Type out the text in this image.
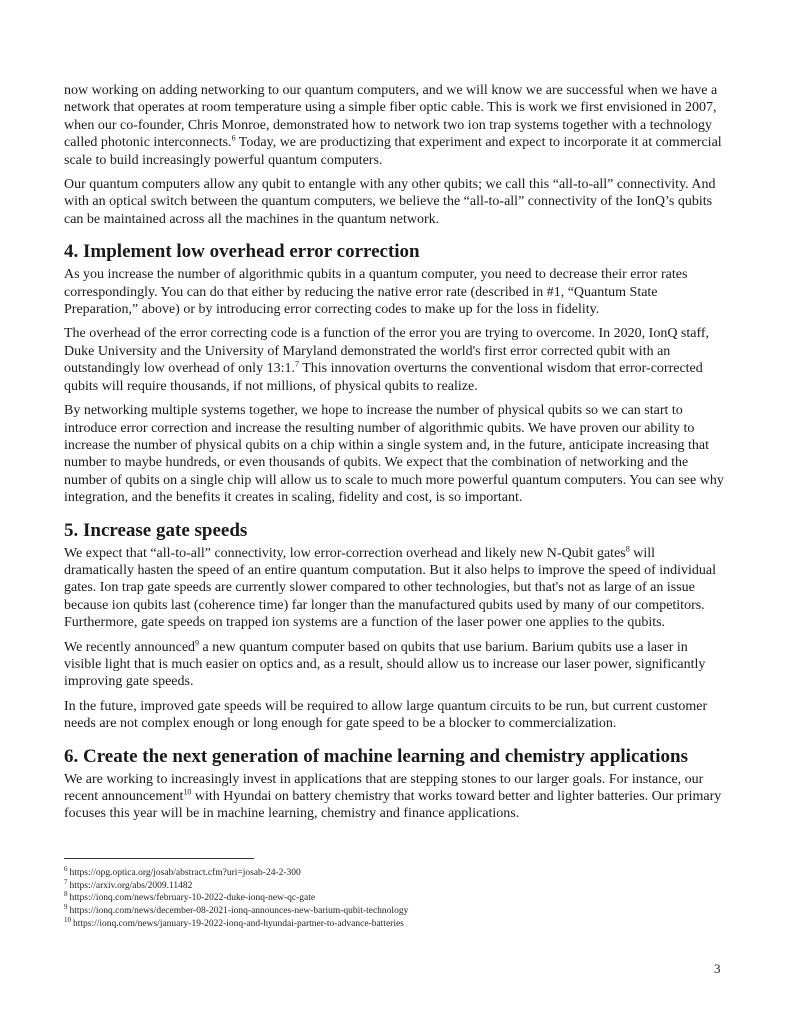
now working on adding networking to our quantum computers, and we will know we are successful when we have a network that operates at room temperature using a simple fiber optic cable. This is work we first envisioned in 2007, when our co-founder, Chris Monroe, demonstrated how to network two ion trap systems together with a technology called photonic interconnects.$^6$ Today, we are productizing that experiment and expect to incorporate it at commercial scale to build increasingly powerful quantum computers.

Our quantum computers allow any qubit to entangle with any other qubits; we call this “all-to-all” connectivity. And with an optical switch between the quantum computers, we believe the “all-to-all” connectivity of the IonQ’s qubits can be maintained across all the machines in the quantum network.

4. Implement low overhead error correction

As you increase the number of algorithmic qubits in a quantum computer, you need to decrease their error rates correspondingly. You can do that either by reducing the native error rate (described in #1, “Quantum State Preparation,” above) or by introducing error correcting codes to make up for the loss in fidelity.

The overhead of the error correcting code is a function of the error you are trying to overcome. In 2020, IonQ staff, Duke University and the University of Maryland demonstrated the world's first error corrected qubit with an outstandingly low overhead of only 13:1.$^7$ This innovation overturns the conventional wisdom that error-corrected qubits will require thousands, if not millions, of physical qubits to realize.

By networking multiple systems together, we hope to increase the number of physical qubits so we can start to introduce error correction and increase the resulting number of algorithmic qubits. We have proven our ability to increase the number of physical qubits on a chip within a single system and, in the future, anticipate increasing that number to maybe hundreds, or even thousands of qubits. We expect that the combination of networking and the number of qubits on a single chip will allow us to scale to much more powerful quantum computers. You can see why integration, and the benefits it creates in scaling, fidelity and cost, is so important.

5. Increase gate speeds

We expect that “all-to-all” connectivity, low error-correction overhead and likely new N-Qubit gates$^8$ will dramatically hasten the speed of an entire quantum computation. But it also helps to improve the speed of individual gates. Ion trap gate speeds are currently slower compared to other technologies, but that's not as large of an issue because ion qubits last (coherence time) far longer than the manufactured qubits used by many of our competitors. Furthermore, gate speeds on trapped ion systems are a function of the laser power one applies to the qubits.

We recently announced$^9$ a new quantum computer based on qubits that use barium. Barium qubits use a laser in visible light that is much easier on optics and, as a result, should allow us to increase our laser power, significantly improving gate speeds.

In the future, improved gate speeds will be required to allow large quantum circuits to be run, but current customer needs are not complex enough or long enough for gate speed to be a blocker to commercialization.

6. Create the next generation of machine learning and chemistry applications

We are working to increasingly invest in applications that are stepping stones to our larger goals. For instance, our recent announcement$^{10}$ with Hyundai on battery chemistry that works toward better and lighter batteries. Our primary focuses this year will be in machine learning, chemistry and finance applications.

$^6$ https://opg.optica.org/josab/abstract.cfm?uri=josab-24-2-300
$^7$ https://arxiv.org/abs/2009.11482
$^8$ https://ionq.com/news/february-10-2022-duke-ionq-new-qc-gate
$^9$ https://ionq.com/news/december-08-2021-ionq-announces-new-barium-qubit-technology
$^{10}$ https://ionq.com/news/january-19-2022-ionq-and-hyundai-partner-to-advance-batteries
3
